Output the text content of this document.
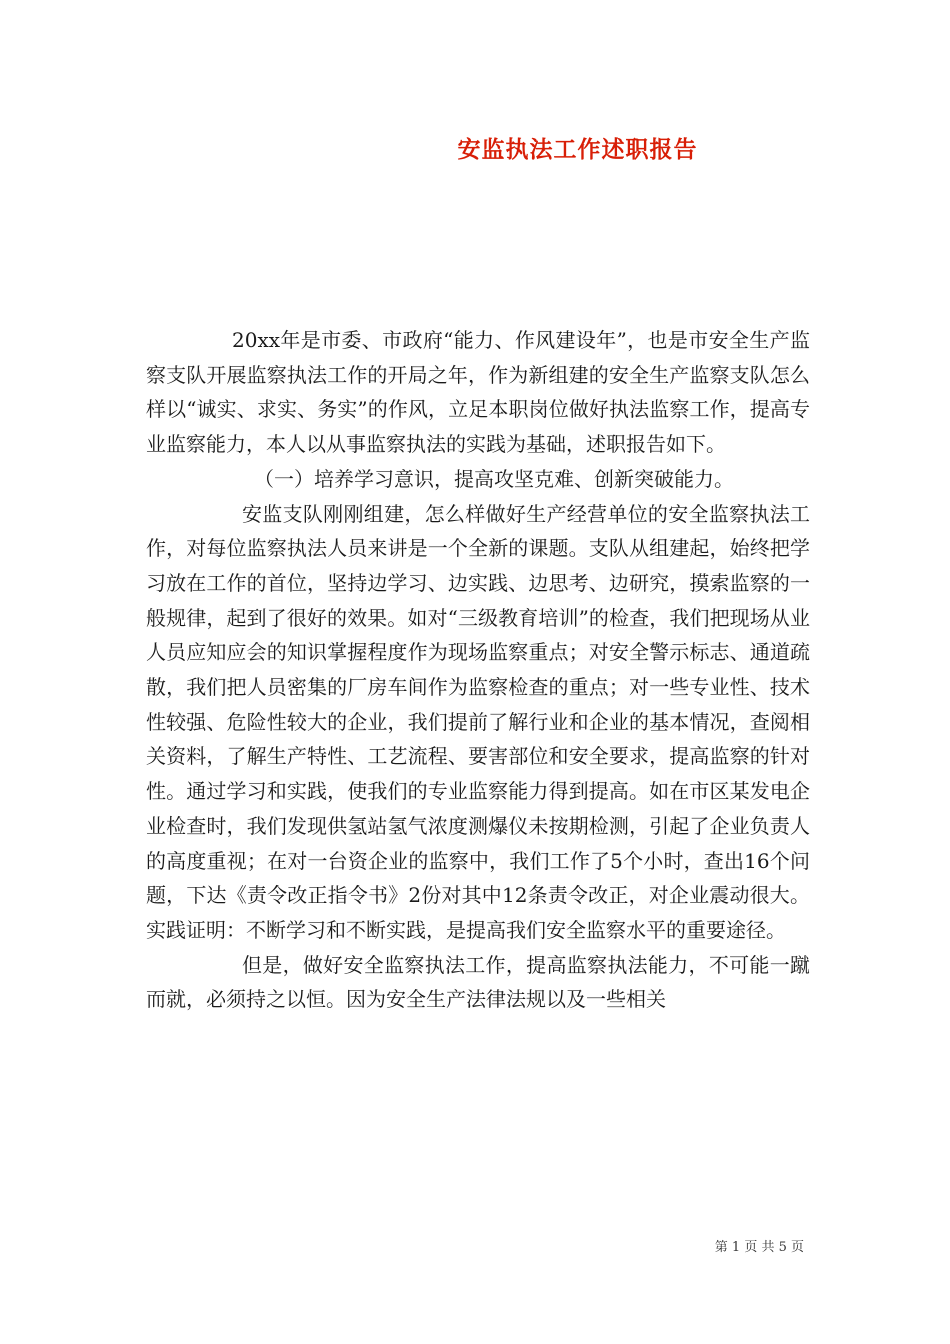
安监执法工作述职报告

20xx年是市委、市政府“能力、作风建设年”，也是市安全生产监察支队开展监察执法工作的开局之年，作为新组建的安全生产监察支队怎么样以“诚实、求实、务实”的作风，立足本职岗位做好执法监察工作，提高专业监察能力，本人以从事监察执法的实践为基础，述职报告如下。

（一）培养学习意识，提高攻坚克难、创新突破能力。

安监支队刚刚组建，怎么样做好生产经营单位的安全监察执法工作，对每位监察执法人员来讲是一个全新的课题。支队从组建起，始终把学习放在工作的首位，坚持边学习、边实践、边思考、边研究，摸索监察的一般规律，起到了很好的效果。如对“三级教育培训”的检查，我们把现场从业人员应知应会的知识掌握程度作为现场监察重点；对安全警示标志、通道疏散，我们把人员密集的厂房车间作为监察检查的重点；对一些专业性、技术性较强、危险性较大的企业，我们提前了解行业和企业的基本情况，查阅相关资料，了解生产特性、工艺流程、要害部位和安全要求，提高监察的针对性。通过学习和实践，使我们的专业监察能力得到提高。如在市区某发电企业检查时，我们发现供氢站氢气浓度测爆仪未按期检测，引起了企业负责人的高度重视；在对一台资企业的监察中，我们工作了5个小时，查出16个问题，下达《责令改正指令书》2份对其中12条责令改正，对企业震动很大。实践证明：不断学习和不断实践，是提高我们安全监察水平的重要途径。

但是，做好安全监察执法工作，提高监察执法能力，不可能一蹴而就，必须持之以恒。因为安全生产法律法规以及一些相关

第 1 页 共 5 页
